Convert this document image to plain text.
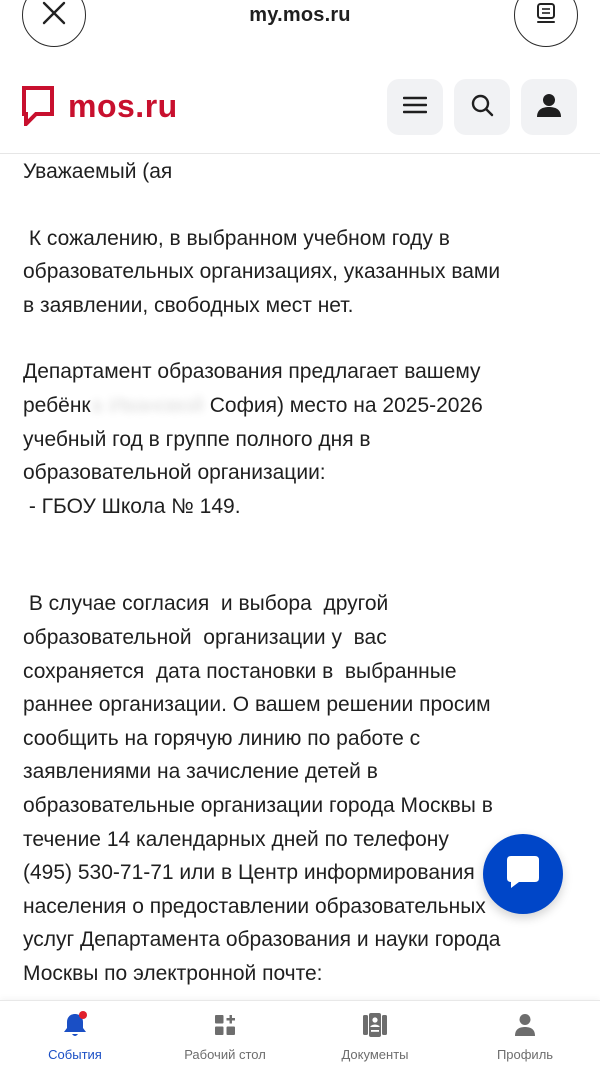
my.mos.ru
mos.ru

Уважаемый (ая

К сожалению, в выбранном учебном году в
образовательных организациях, указанных вами
в заявлении, свободных мест нет.

Департамент образования предлагает вашему

ребёнка Ивановой София) место на 2025-2026

учебный год в группе полного дня в
образовательной организации:
- ГБОУ Школа № 149.

В случае согласия  и выбора  другой
образовательной  организации у  вас
сохраняется  дата постановки в  выбранные
раннее организации. О вашем решении просим
сообщить на горячую линию по работе с
заявлениями на зачисление детей в
образовательные организации города Москвы в
течение 14 календарных дней по телефону
(495) 530-71-71 или в Центр информирования
населения о предоставлении образовательных
услуг Департамента образования и науки города
Москвы по электронной почте:

События	Рабочий стол	Документы	Профиль
